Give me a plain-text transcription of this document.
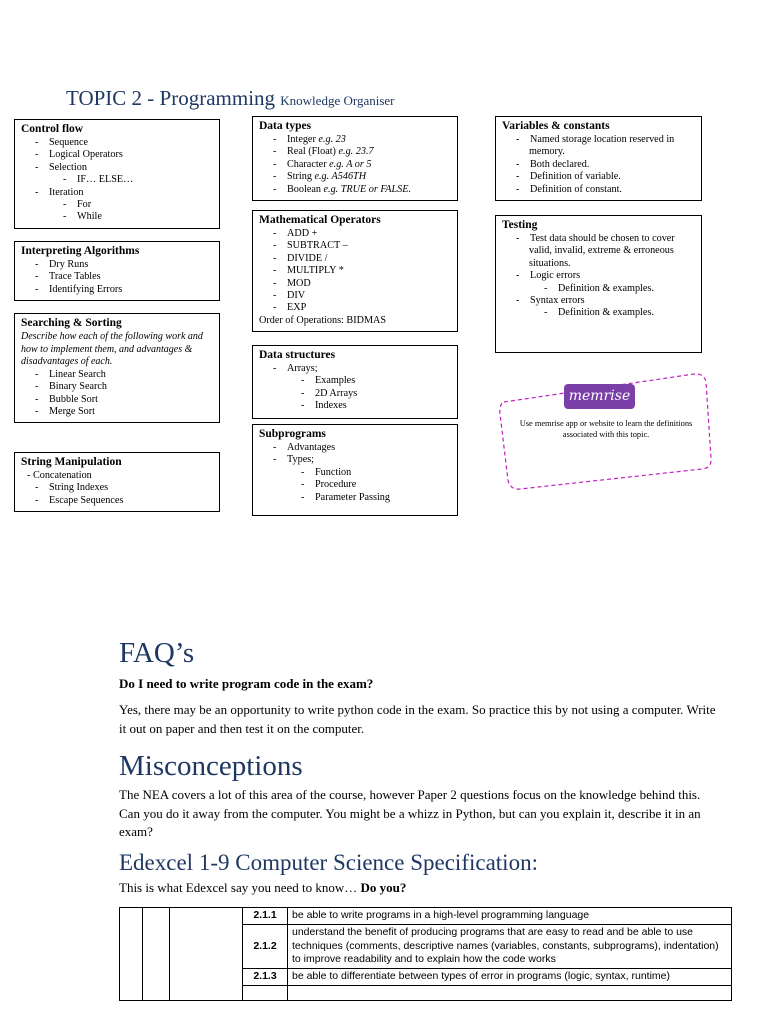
TOPIC 2 - Programming Knowledge Organiser
Control flow
- Sequence
- Logical Operators
- Selection
- IF… ELSE…
- Iteration
- For
- While
Interpreting Algorithms
- Dry Runs
- Trace Tables
- Identifying Errors
Searching & Sorting
Describe how each of the following work and how to implement them, and advantages & disadvantages of each.
- Linear Search
- Binary Search
- Bubble Sort
- Merge Sort
String Manipulation
- Concatenation
- String Indexes
- Escape Sequences
Data types
- Integer e.g. 23
- Real (Float) e.g. 23.7
- Character e.g. A or 5
- String e.g. A546TH
- Boolean e.g. TRUE or FALSE.
Mathematical Operators
- ADD +
- SUBTRACT –
- DIVIDE /
- MULTIPLY *
- MOD
- DIV
- EXP
Order of Operations: BIDMAS
Data structures
- Arrays;
- Examples
- 2D Arrays
- Indexes
Subprograms
- Advantages
- Types;
- Function
- Procedure
- Parameter Passing
Variables & constants
- Named storage location reserved in
memory.
- Both declared.
- Definition of variable.
- Definition of constant.
Testing
- Test data should be chosen to cover
valid, invalid, extreme & erroneous
situations.
- Logic errors
- Definition & examples.
- Syntax errors
- Definition & examples.
memrise
Use memrise app or website to learn the definitions associated with this topic.
FAQ’s
Do I need to write program code in the exam?
Yes, there may be an opportunity to write python code in the exam. So practice this by not using a computer. Write it out on paper and then test it on the computer.
Misconceptions
The NEA covers a lot of this area of the course, however Paper 2 questions focus on the knowledge behind this. Can you do it away from the computer. You might be a whizz in Python, but can you explain it, describe it in an exam?
Edexcel 1-9 Computer Science Specification:
This is what Edexcel say you need to know… Do you?
			2.1.1	be able to write programs in a high-level programming language
			2.1.2	understand the benefit of producing programs that are easy to read and be able to use techniques (comments, descriptive names (variables, constants, subprograms), indentation) to improve readability and to explain how the code works
			2.1.3	be able to differentiate between types of error in programs (logic, syntax, runtime)
